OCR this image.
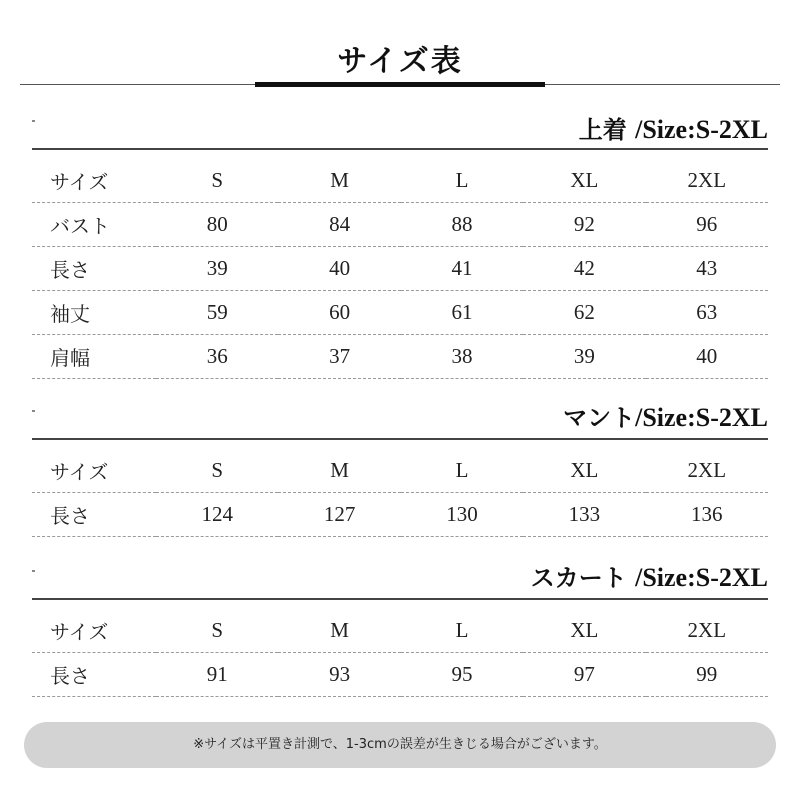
サイズ表
上着 /Size:S-2XL
サイズ	S	M	L	XL	2XL
バスト	80	84	88	92	96
長さ	39	40	41	42	43
袖丈	59	60	61	62	63
肩幅	36	37	38	39	40
マント/Size:S-2XL
サイズ	S	M	L	XL	2XL
長さ	124	127	130	133	136
スカート /Size:S-2XL
サイズ	S	M	L	XL	2XL
長さ	91	93	95	97	99
※サイズは平置き計測で、1-3cmの誤差が生きじる場合がございます。
